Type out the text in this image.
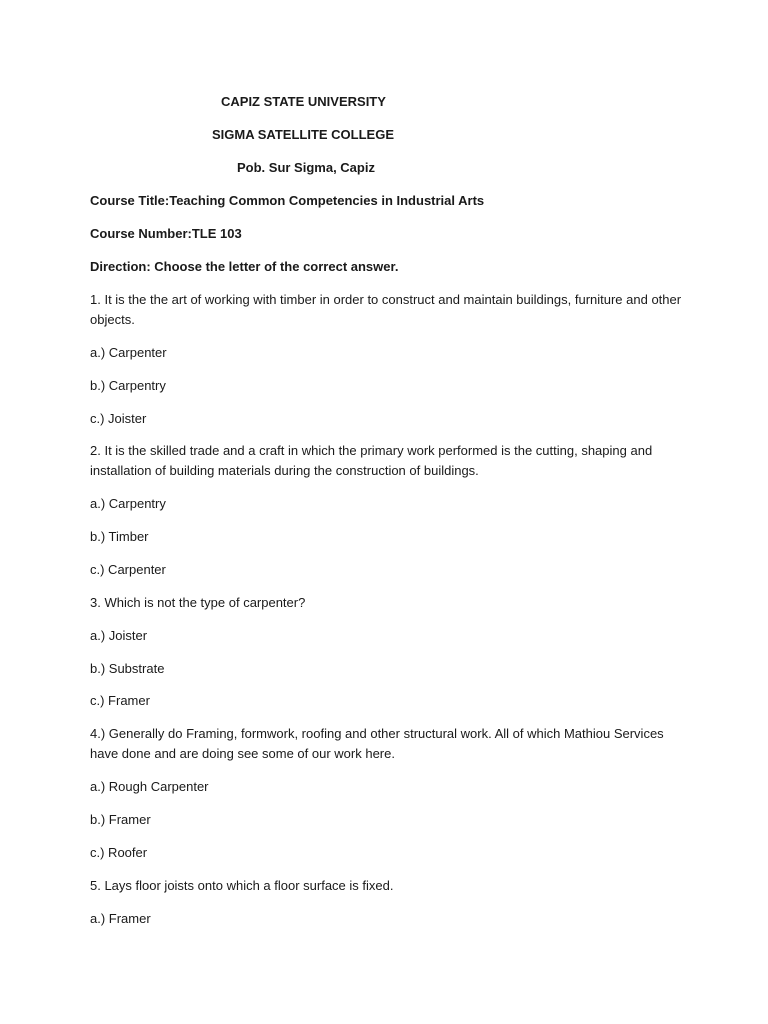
CAPIZ STATE UNIVERSITY

SIGMA SATELLITE COLLEGE

Pob. Sur Sigma, Capiz

Course Title:Teaching Common Competencies in Industrial Arts

Course Number:TLE 103

Direction: Choose the letter of the correct answer.

1. It is the the art of working with timber in order to construct and maintain buildings, furniture and other objects.

a.) Carpenter

b.) Carpentry

c.) Joister

2. It is the skilled trade and a craft in which the primary work performed is the cutting, shaping and installation of building materials during the construction of buildings.

a.) Carpentry

b.) Timber

c.) Carpenter

3. Which is not the type of carpenter?

a.) Joister

b.) Substrate

c.) Framer

4.) Generally do Framing, formwork, roofing and other structural work. All of which Mathiou Services have done and are doing see some of our work here.

a.) Rough Carpenter

b.) Framer

c.) Roofer

5. Lays floor joists onto which a floor surface is fixed.

a.) Framer
